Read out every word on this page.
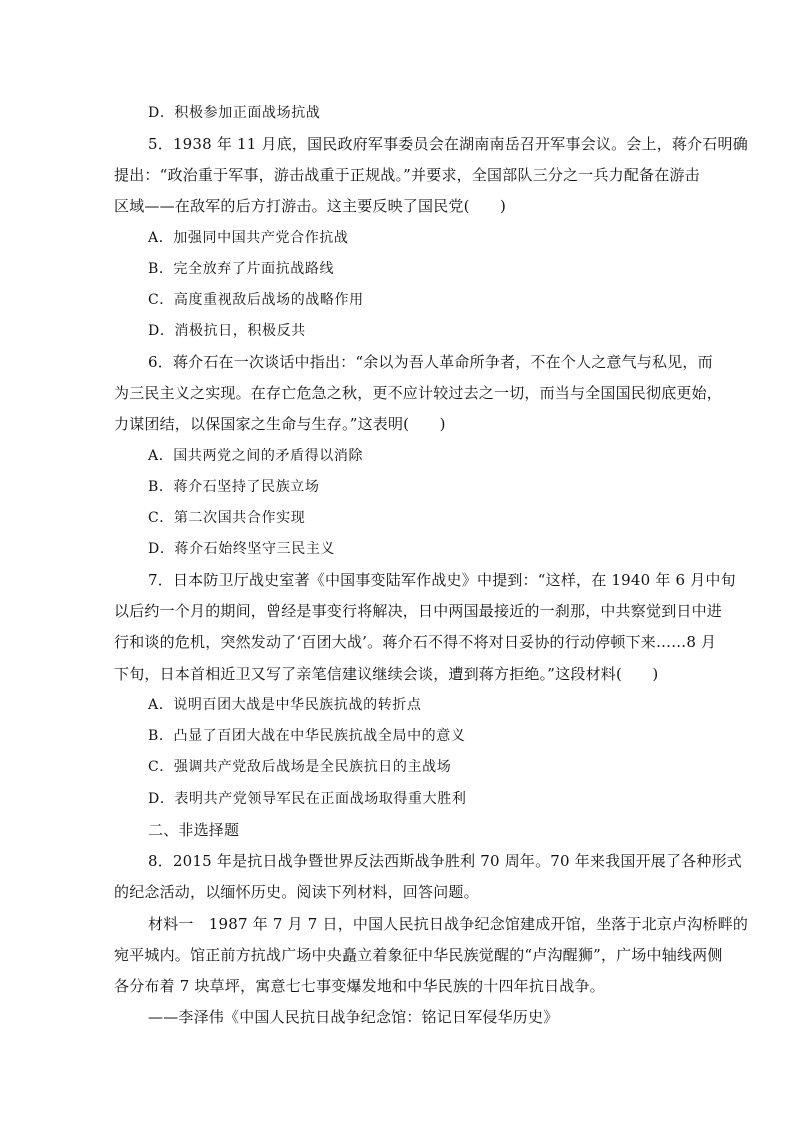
D．积极参加正面战场抗战
5．1938 年 11 月底，国民政府军事委员会在湖南南岳召开军事会议。会上，蒋介石明确
提出：“政治重于军事，游击战重于正规战。”并要求，全国部队三分之一兵力配备在游击
区域——在敌军的后方打游击。这主要反映了国民党(　　)
A．加强同中国共产党合作抗战
B．完全放弃了片面抗战路线
C．高度重视敌后战场的战略作用
D．消极抗日，积极反共
6．蒋介石在一次谈话中指出：“余以为吾人革命所争者，不在个人之意气与私见，而
为三民主义之实现。在存亡危急之秋，更不应计较过去之一切，而当与全国国民彻底更始，
力谋团结，以保国家之生命与生存。”这表明(　　)
A．国共两党之间的矛盾得以消除
B．蒋介石坚持了民族立场
C．第二次国共合作实现
D．蒋介石始终坚守三民主义
7．日本防卫厅战史室著《中国事变陆军作战史》中提到：“这样，在 1940 年 6 月中旬
以后约一个月的期间，曾经是事变行将解决，日中两国最接近的一刹那，中共察觉到日中进
行和谈的危机，突然发动了‘百团大战’。蒋介石不得不将对日妥协的行动停顿下来……8 月
下旬，日本首相近卫又写了亲笔信建议继续会谈，遭到蒋方拒绝。”这段材料(　　)
A．说明百团大战是中华民族抗战的转折点
B．凸显了百团大战在中华民族抗战全局中的意义
C．强调共产党敌后战场是全民族抗日的主战场
D．表明共产党领导军民在正面战场取得重大胜利
二、非选择题
8．2015 年是抗日战争暨世界反法西斯战争胜利 70 周年。70 年来我国开展了各种形式
的纪念活动，以缅怀历史。阅读下列材料，回答问题。
材料一　1987 年 7 月 7 日，中国人民抗日战争纪念馆建成开馆，坐落于北京卢沟桥畔的
宛平城内。馆正前方抗战广场中央矗立着象征中华民族觉醒的“卢沟醒狮”，广场中轴线两侧
各分布着 7 块草坪，寓意七七事变爆发地和中华民族的十四年抗日战争。
——李泽伟《中国人民抗日战争纪念馆：铭记日军侵华历史》
